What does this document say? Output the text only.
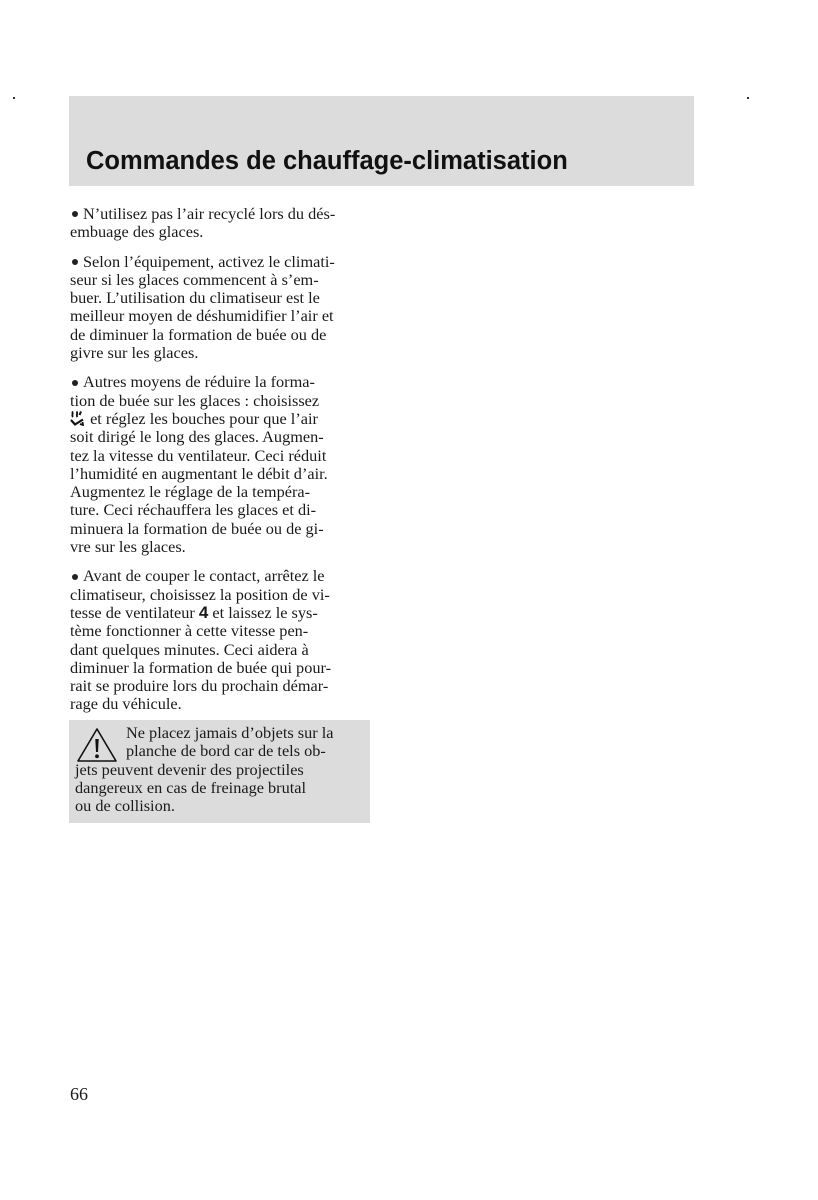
Commandes de chauffage-climatisation
N’utilisez pas l’air recyclé lors du dés-
embuage des glaces.
Selon l’équipement, activez le climati-
seur si les glaces commencent à s’em-
buer. L’utilisation du climatiseur est le
meilleur moyen de déshumidifier l’air et
de diminuer la formation de buée ou de
givre sur les glaces.
Autres moyens de réduire la forma-
tion de buée sur les glaces : choisissez
et réglez les bouches pour que l’air
soit dirigé le long des glaces. Augmen-
tez la vitesse du ventilateur. Ceci réduit
l’humidité en augmentant le débit d’air.
Augmentez le réglage de la tempéra-
ture. Ceci réchauffera les glaces et di-
minuera la formation de buée ou de gi-
vre sur les glaces.
Avant de couper le contact, arrêtez le
climatiseur, choisissez la position de vi-
tesse de ventilateur 4 et laissez le sys-
tème fonctionner à cette vitesse pen-
dant quelques minutes. Ceci aidera à
diminuer la formation de buée qui pour-
rait se produire lors du prochain démar-
rage du véhicule.
Ne placez jamais d’objets sur la
planche de bord car de tels ob-
jets peuvent devenir des projectiles
dangereux en cas de freinage brutal
ou de collision.

66
